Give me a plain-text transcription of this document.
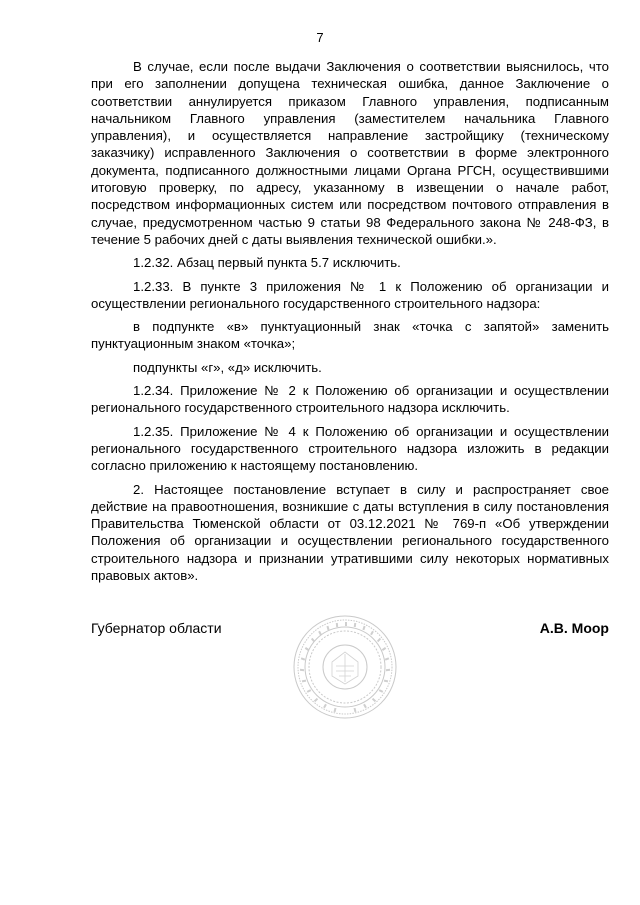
7

В случае, если после выдачи Заключения о соответствии выяснилось, что при его заполнении допущена техническая ошибка, данное Заключение о соответствии аннулируется приказом Главного управления, подписанным начальником Главного управления (заместителем начальника Главного управления), и осуществляется направление застройщику (техническому заказчику) исправленного Заключения о соответствии в форме электронного документа, подписанного должностными лицами Органа РГСН, осуществившими итоговую проверку, по адресу, указанному в извещении о начале работ, посредством информационных систем или посредством почтового отправления в случае, предусмотренном частью 9 статьи 98 Федерального закона № 248-ФЗ, в течение 5 рабочих дней с даты выявления технической ошибки.».

1.2.32. Абзац первый пункта 5.7 исключить.

1.2.33. В пункте 3 приложения № 1 к Положению об организации и осуществлении регионального государственного строительного надзора:

в подпункте «в» пунктуационный знак «точка с запятой» заменить пунктуационным знаком «точка»;

подпункты «г», «д» исключить.

1.2.34. Приложение № 2 к Положению об организации и осуществлении регионального государственного строительного надзора исключить.

1.2.35. Приложение № 4 к Положению об организации и осуществлении регионального государственного строительного надзора изложить в редакции согласно приложению к настоящему постановлению.

2. Настоящее постановление вступает в силу и распространяет свое действие на правоотношения, возникшие с даты вступления в силу постановления Правительства Тюменской области от 03.12.2021 № 769-п «Об утверждении Положения об организации и осуществлении регионального государственного строительного надзора и признании утратившими силу некоторых нормативных правовых актов».

Губернатор области	А.В. Моор
